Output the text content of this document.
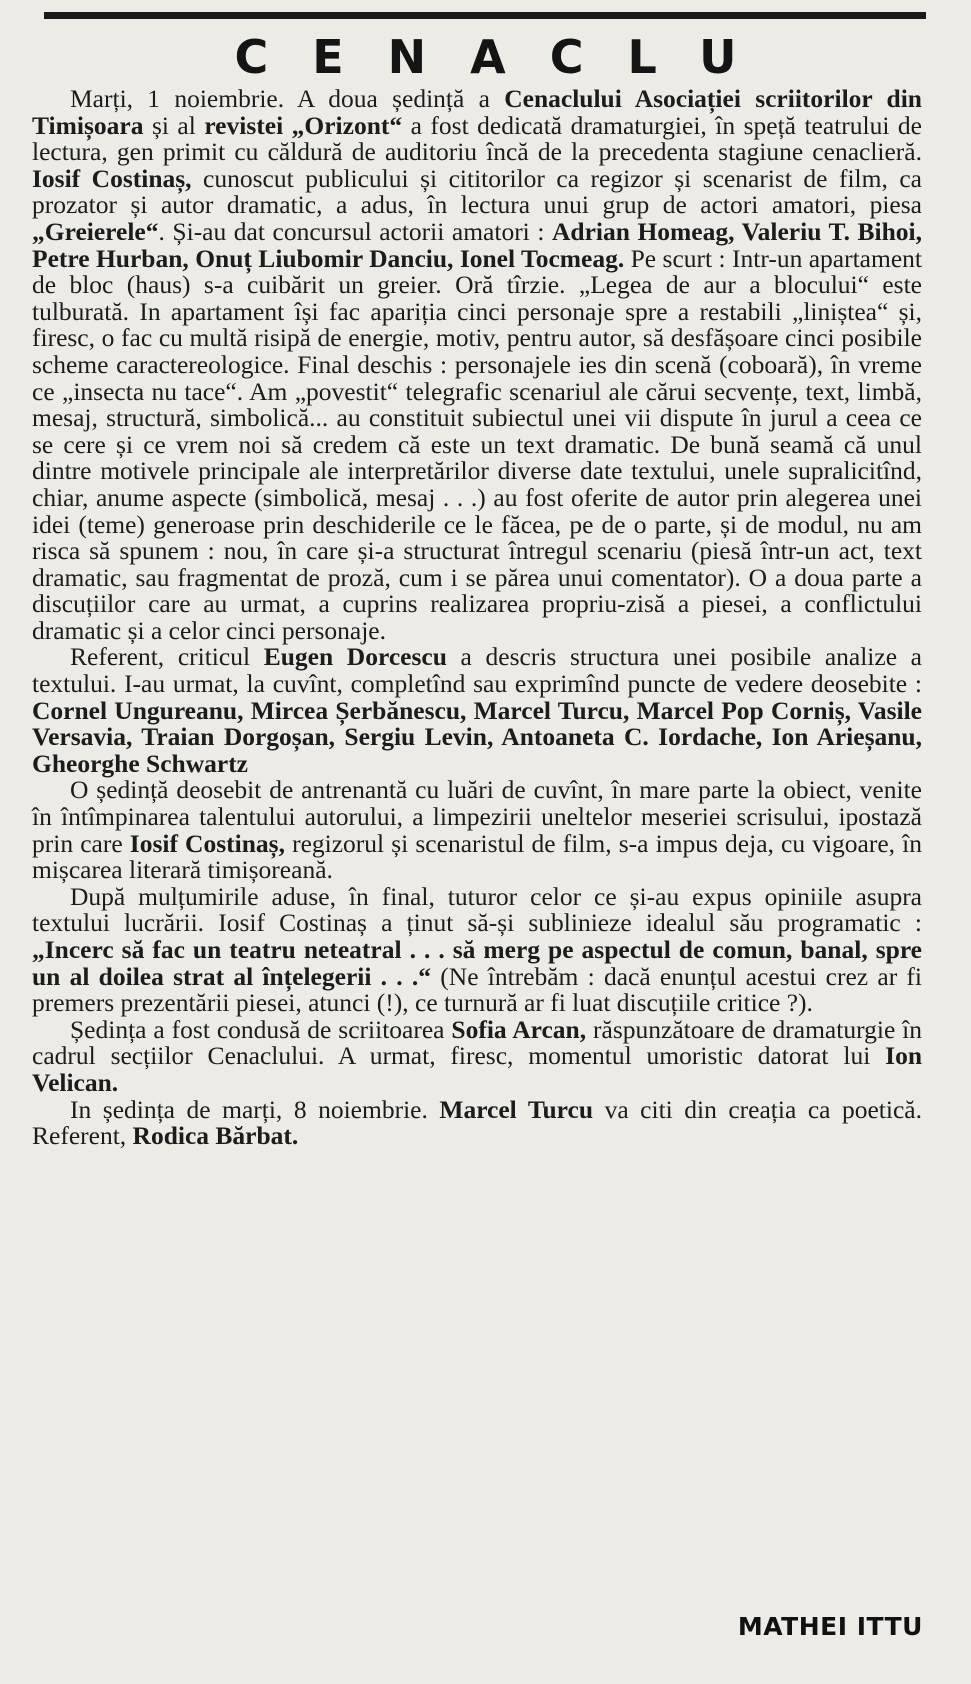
CENACLU

Marți, 1 noiembrie. A doua ședință a Cenaclului Asociației scriitorilor din Timișoara și al revistei „Orizont“ a fost dedicată dramaturgiei, în speță teatrului de lectura, gen primit cu căldură de auditoriu încă de la precedenta stagiune cenaclieră. Iosif Costinaș, cunoscut publicului și cititorilor ca regizor și scenarist de film, ca prozator și autor dramatic, a adus, în lectura unui grup de actori amatori, piesa „Greierele“. Și-au dat concursul actorii amatori : Adrian Homeag, Valeriu T. Bihoi, Petre Hurban, Onuț Liubomir Danciu, Ionel Tocmeag. Pe scurt : Intr-un apartament de bloc (haus) s-a cuibărit un greier. Oră tîrzie. „Legea de aur a blocului“ este tulburată. In apartament își fac apariția cinci personaje spre a restabili „liniștea“ și, firesc, o fac cu multă risipă de energie, motiv, pentru autor, să desfășoare cinci posibile scheme caractereologice. Final deschis : personajele ies din scenă (coboară), în vreme ce „insecta nu tace“. Am „povestit“ telegrafic scenariul ale cărui secvențe, text, limbă, mesaj, structură, simbolică... au constituit subiectul unei vii dispute în jurul a ceea ce se cere și ce vrem noi să credem că este un text dramatic. De bună seamă că unul dintre motivele principale ale interpretărilor diverse date textului, unele supralicitînd, chiar, anume aspecte (simbolică, mesaj . . .) au fost oferite de autor prin alegerea unei idei (teme) generoase prin deschiderile ce le făcea, pe de o parte, și de modul, nu am risca să spunem : nou, în care și-a structurat întregul scenariu (piesă într-un act, text dramatic, sau fragmentat de proză, cum i se părea unui comentator). O a doua parte a discuțiilor care au urmat, a cuprins realizarea propriu-zisă a piesei, a conflictului dramatic și a celor cinci personaje.

Referent, criticul Eugen Dorcescu a descris structura unei posibile analize a textului. I-au urmat, la cuvînt, completînd sau exprimînd puncte de vedere deosebite : Cornel Ungureanu, Mircea Șerbănescu, Marcel Turcu, Marcel Pop Corniș, Vasile Versavia, Traian Dorgoșan, Sergiu Levin, Antoaneta C. Iordache, Ion Arieșanu, Gheorghe Schwartz

O ședință deosebit de antrenantă cu luări de cuvînt, în mare parte la obiect, venite în întîmpinarea talentului autorului, a limpezirii uneltelor meseriei scrisului, ipostază prin care Iosif Costinaș, regizorul și scenaristul de film, s-a impus deja, cu vigoare, în mișcarea literară timișoreană.

După mulțumirile aduse, în final, tuturor celor ce și-au expus opiniile asupra textului lucrării. Iosif Costinaș a ținut să-și sublinieze idealul său programatic : „Incerc să fac un teatru neteatral . . . să merg pe aspectul de comun, banal, spre un al doilea strat al înțelegerii . . .“ (Ne întrebăm : dacă enunțul acestui crez ar fi premers prezentării piesei, atunci (!), ce turnură ar fi luat discuțiile critice ?).

Ședința a fost condusă de scriitoarea Sofia Arcan, răspunzătoare de dramaturgie în cadrul secțiilor Cenaclului. A urmat, firesc, momentul umoristic datorat lui Ion Velican.

In ședința de marți, 8 noiembrie. Marcel Turcu va citi din creația ca poetică. Referent, Rodica Bărbat.

MATHEI ITTU
